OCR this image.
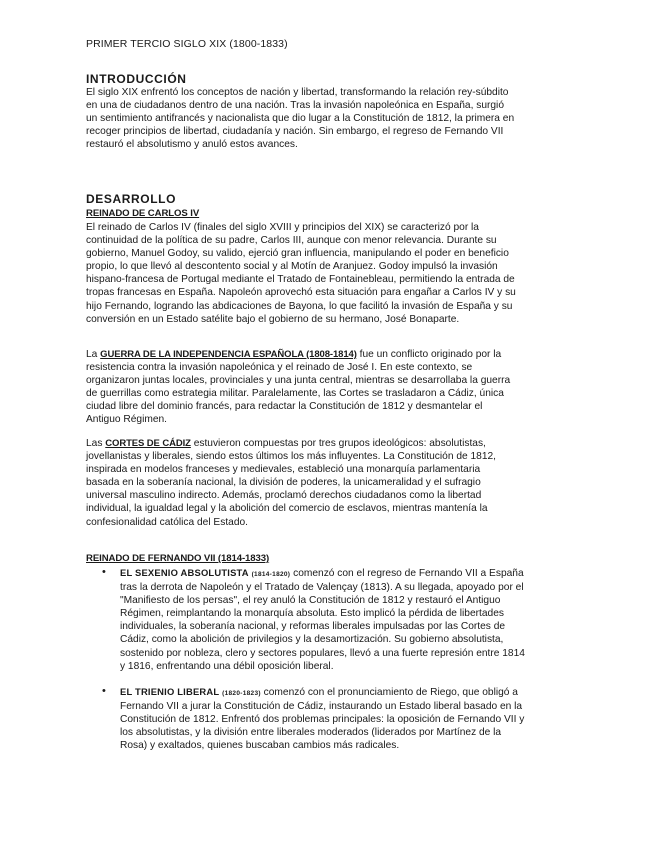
PRIMER TERCIO SIGLO XIX (1800-1833)
INTRODUCCIÓN

El siglo XIX enfrentó los conceptos de nación y libertad, transformando la relación rey-súbdito en una de ciudadanos dentro de una nación. Tras la invasión napoleónica en España, surgió un sentimiento antifrancés y nacionalista que dio lugar a la Constitución de 1812, la primera en recoger principios de libertad, ciudadanía y nación. Sin embargo, el regreso de Fernando VII restauró el absolutismo y anuló estos avances.

DESARROLLO
REINADO DE CARLOS IV

El reinado de Carlos IV (finales del siglo XVIII y principios del XIX) se caracterizó por la continuidad de la política de su padre, Carlos III, aunque con menor relevancia. Durante su gobierno, Manuel Godoy, su valido, ejerció gran influencia, manipulando el poder en beneficio propio, lo que llevó al descontento social y al Motín de Aranjuez. Godoy impulsó la invasión hispano-francesa de Portugal mediante el Tratado de Fontainebleau, permitiendo la entrada de tropas francesas en España. Napoleón aprovechó esta situación para engañar a Carlos IV y su hijo Fernando, logrando las abdicaciones de Bayona, lo que facilitó la invasión de España y su conversión en un Estado satélite bajo el gobierno de su hermano, José Bonaparte.

La GUERRA DE LA INDEPENDENCIA ESPAÑOLA (1808-1814) fue un conflicto originado por la resistencia contra la invasión napoleónica y el reinado de José I. En este contexto, se organizaron juntas locales, provinciales y una junta central, mientras se desarrollaba la guerra de guerrillas como estrategia militar. Paralelamente, las Cortes se trasladaron a Cádiz, única ciudad libre del dominio francés, para redactar la Constitución de 1812 y desmantelar el Antiguo Régimen.

Las CORTES DE CÁDIZ estuvieron compuestas por tres grupos ideológicos: absolutistas, jovellanistas y liberales, siendo estos últimos los más influyentes. La Constitución de 1812, inspirada en modelos franceses y medievales, estableció una monarquía parlamentaria basada en la soberanía nacional, la división de poderes, la unicameralidad y el sufragio universal masculino indirecto. Además, proclamó derechos ciudadanos como la libertad individual, la igualdad legal y la abolición del comercio de esclavos, mientras mantenía la confesionalidad católica del Estado.

REINADO DE FERNANDO VII (1814-1833)
• EL SEXENIO ABSOLUTISTA (1814-1820) comenzó con el regreso de Fernando VII a España tras la derrota de Napoleón y el Tratado de Valençay (1813). A su llegada, apoyado por el "Manifiesto de los persas", el rey anuló la Constitución de 1812 y restauró el Antiguo Régimen, reimplantando la monarquía absoluta. Esto implicó la pérdida de libertades individuales, la soberanía nacional, y reformas liberales impulsadas por las Cortes de Cádiz, como la abolición de privilegios y la desamortización. Su gobierno absolutista, sostenido por nobleza, clero y sectores populares, llevó a una fuerte represión entre 1814 y 1816, enfrentando una débil oposición liberal.
• EL TRIENIO LIBERAL (1820-1823) comenzó con el pronunciamiento de Riego, que obligó a Fernando VII a jurar la Constitución de Cádiz, instaurando un Estado liberal basado en la Constitución de 1812. Enfrentó dos problemas principales: la oposición de Fernando VII y los absolutistas, y la división entre liberales moderados (liderados por Martínez de la Rosa) y exaltados, quienes buscaban cambios más radicales.
